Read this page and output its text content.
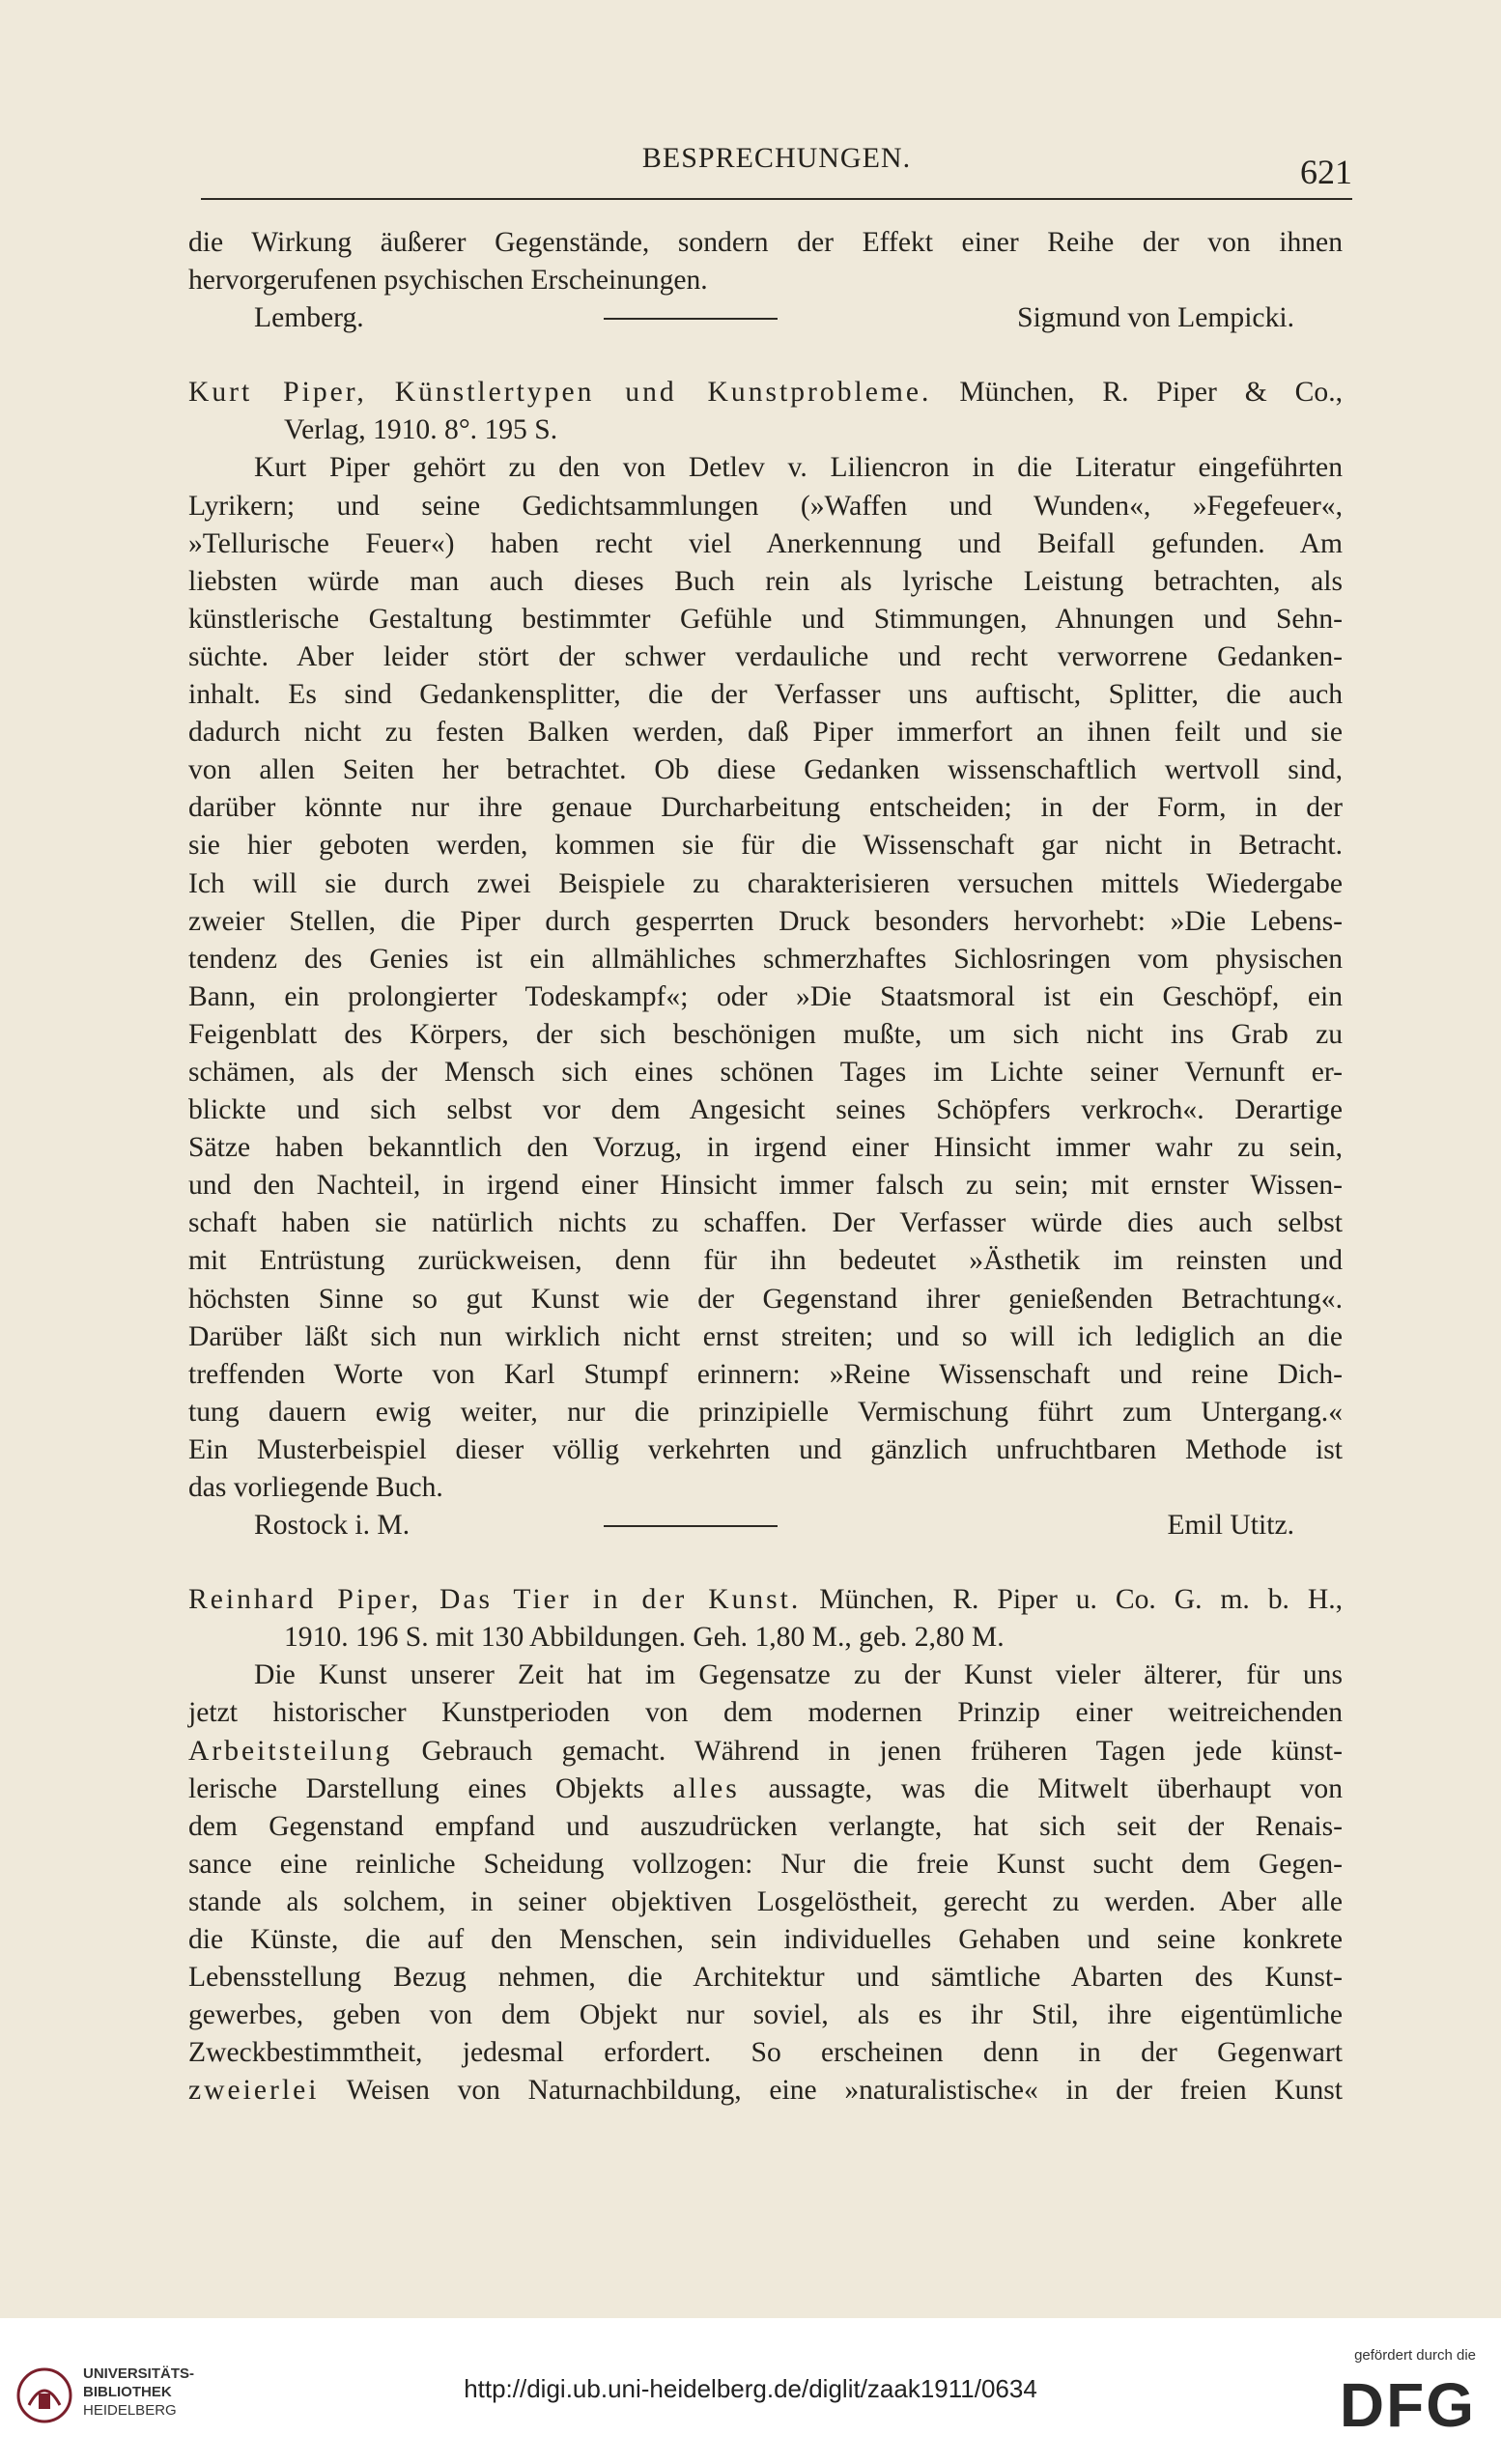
BESPRECHUNGEN.	621
die Wirkung äußerer Gegenstände, sondern der Effekt einer Reihe der von ihnen
hervorgerufenen psychischen Erscheinungen.
Lemberg.	Sigmund von Lempicki.
Kurt Piper, Künstlertypen und Kunstprobleme. München, R. Piper & Co.,
Verlag, 1910. 8°. 195 S.
Kurt Piper gehört zu den von Detlev v. Liliencron in die Literatur eingeführten
Lyrikern; und seine Gedichtsammlungen (»Waffen und Wunden«, »Fegefeuer«,
»Tellurische Feuer«) haben recht viel Anerkennung und Beifall gefunden. Am
liebsten würde man auch dieses Buch rein als lyrische Leistung betrachten, als
künstlerische Gestaltung bestimmter Gefühle und Stimmungen, Ahnungen und Sehn-
süchte. Aber leider stört der schwer verdauliche und recht verworrene Gedanken-
inhalt. Es sind Gedankensplitter, die der Verfasser uns auftischt, Splitter, die auch
dadurch nicht zu festen Balken werden, daß Piper immerfort an ihnen feilt und sie
von allen Seiten her betrachtet. Ob diese Gedanken wissenschaftlich wertvoll sind,
darüber könnte nur ihre genaue Durcharbeitung entscheiden; in der Form, in der
sie hier geboten werden, kommen sie für die Wissenschaft gar nicht in Betracht.
Ich will sie durch zwei Beispiele zu charakterisieren versuchen mittels Wiedergabe
zweier Stellen, die Piper durch gesperrten Druck besonders hervorhebt: »Die Lebens-
tendenz des Genies ist ein allmähliches schmerzhaftes Sichlosringen vom physischen
Bann, ein prolongierter Todeskampf«; oder »Die Staatsmoral ist ein Geschöpf, ein
Feigenblatt des Körpers, der sich beschönigen mußte, um sich nicht ins Grab zu
schämen, als der Mensch sich eines schönen Tages im Lichte seiner Vernunft er-
blickte und sich selbst vor dem Angesicht seines Schöpfers verkroch«. Derartige
Sätze haben bekanntlich den Vorzug, in irgend einer Hinsicht immer wahr zu sein,
und den Nachteil, in irgend einer Hinsicht immer falsch zu sein; mit ernster Wissen-
schaft haben sie natürlich nichts zu schaffen. Der Verfasser würde dies auch selbst
mit Entrüstung zurückweisen, denn für ihn bedeutet »Ästhetik im reinsten und
höchsten Sinne so gut Kunst wie der Gegenstand ihrer genießenden Betrachtung«.
Darüber läßt sich nun wirklich nicht ernst streiten; und so will ich lediglich an die
treffenden Worte von Karl Stumpf erinnern: »Reine Wissenschaft und reine Dich-
tung dauern ewig weiter, nur die prinzipielle Vermischung führt zum Untergang.«
Ein Musterbeispiel dieser völlig verkehrten und gänzlich unfruchtbaren Methode ist
das vorliegende Buch.
Rostock i. M.	Emil Utitz.
Reinhard Piper, Das Tier in der Kunst. München, R. Piper u. Co. G. m. b. H.,
1910. 196 S. mit 130 Abbildungen. Geh. 1,80 M., geb. 2,80 M.
Die Kunst unserer Zeit hat im Gegensatze zu der Kunst vieler älterer, für uns
jetzt historischer Kunstperioden von dem modernen Prinzip einer weitreichenden
Arbeitsteilung Gebrauch gemacht. Während in jenen früheren Tagen jede künst-
lerische Darstellung eines Objekts alles aussagte, was die Mitwelt überhaupt von
dem Gegenstand empfand und auszudrücken verlangte, hat sich seit der Renais-
sance eine reinliche Scheidung vollzogen: Nur die freie Kunst sucht dem Gegen-
stande als solchem, in seiner objektiven Losgelöstheit, gerecht zu werden. Aber alle
die Künste, die auf den Menschen, sein individuelles Gehaben und seine konkrete
Lebensstellung Bezug nehmen, die Architektur und sämtliche Abarten des Kunst-
gewerbes, geben von dem Objekt nur soviel, als es ihr Stil, ihre eigentümliche
Zweckbestimmtheit, jedesmal erfordert. So erscheinen denn in der Gegenwart
zweierlei Weisen von Naturnachbildung, eine »naturalistische« in der freien Kunst
UNIVERSITÄTS-
BIBLIOTHEK
HEIDELBERG
http://digi.ub.uni-heidelberg.de/diglit/zaak1911/0634
gefördert durch die
DFG
